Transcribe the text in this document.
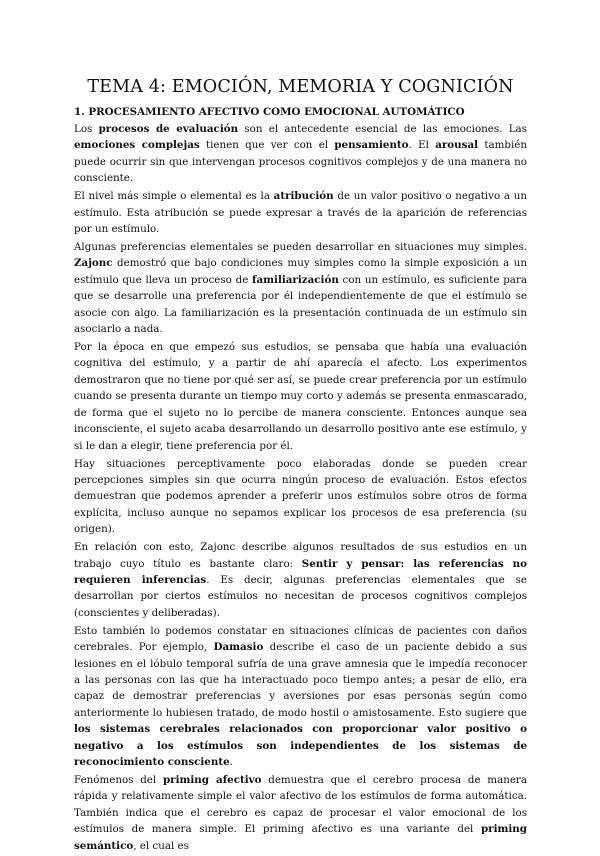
TEMA 4: EMOCIÓN, MEMORIA Y COGNICIÓN
1. PROCESAMIENTO AFECTIVO COMO EMOCIONAL AUTOMÁTICO

Los procesos de evaluación son el antecedente esencial de las emociones. Las emociones complejas tienen que ver con el pensamiento. El arousal también puede ocurrir sin que intervengan procesos cognitivos complejos y de una manera no consciente.

El nivel más simple o elemental es la atribución de un valor positivo o negativo a un estímulo. Esta atribución se puede expresar a través de la aparición de referencias por un estímulo.

Algunas preferencias elementales se pueden desarrollar en situaciones muy simples. Zajonc demostró que bajo condiciones muy simples como la simple exposición a un estímulo que lleva un proceso de familiarización con un estímulo, es suficiente para que se desarrolle una preferencia por él independientemente de que el estímulo se asocie con algo. La familiarización es la presentación continuada de un estímulo sin asociarlo a nada.

Por la época en que empezó sus estudios, se pensaba que había una evaluación cognitiva del estímulo, y a partir de ahí aparecía el afecto. Los experimentos demostraron que no tiene por qué ser así, se puede crear preferencia por un estímulo cuando se presenta durante un tiempo muy corto y además se presenta enmascarado, de forma que el sujeto no lo percibe de manera consciente. Entonces aunque sea inconsciente, el sujeto acaba desarrollando un desarrollo positivo ante ese estímulo, y si le dan a elegir, tiene preferencia por él.

Hay situaciones perceptivamente poco elaboradas donde se pueden crear percepciones simples sin que ocurra ningún proceso de evaluación. Estos efectos demuestran que podemos aprender a preferir unos estímulos sobre otros de forma explícita, incluso aunque no sepamos explicar los procesos de esa preferencia (su origen).

En relación con esto, Zajonc describe algunos resultados de sus estudios en un trabajo cuyo título es bastante claro: Sentir y pensar: las referencias no requieren inferencias. Es decir, algunas preferencias elementales que se desarrollan por ciertos estímulos no necesitan de procesos cognitivos complejos (conscientes y deliberadas).

Esto también lo podemos constatar en situaciones clínicas de pacientes con daños cerebrales. Por ejemplo, Damasio describe el caso de un paciente debido a sus lesiones en el lóbulo temporal sufría de una grave amnesia que le impedía reconocer a las personas con las que ha interactuado poco tiempo antes; a pesar de ello, era capaz de demostrar preferencias y aversiones por esas personas según como anteriormente lo hubiesen tratado, de modo hostil o amistosamente. Esto sugiere que los sistemas cerebrales relacionados con proporcionar valor positivo o negativo a los estímulos son independientes de los sistemas de reconocimiento consciente.

Fenómenos del priming afectivo demuestra que el cerebro procesa de manera rápida y relativamente simple el valor afectivo de los estímulos de forma automática. También indica que el cerebro es capaz de procesar el valor emocional de los estímulos de manera simple. El priming afectivo es una variante del priming semántico, el cual es
